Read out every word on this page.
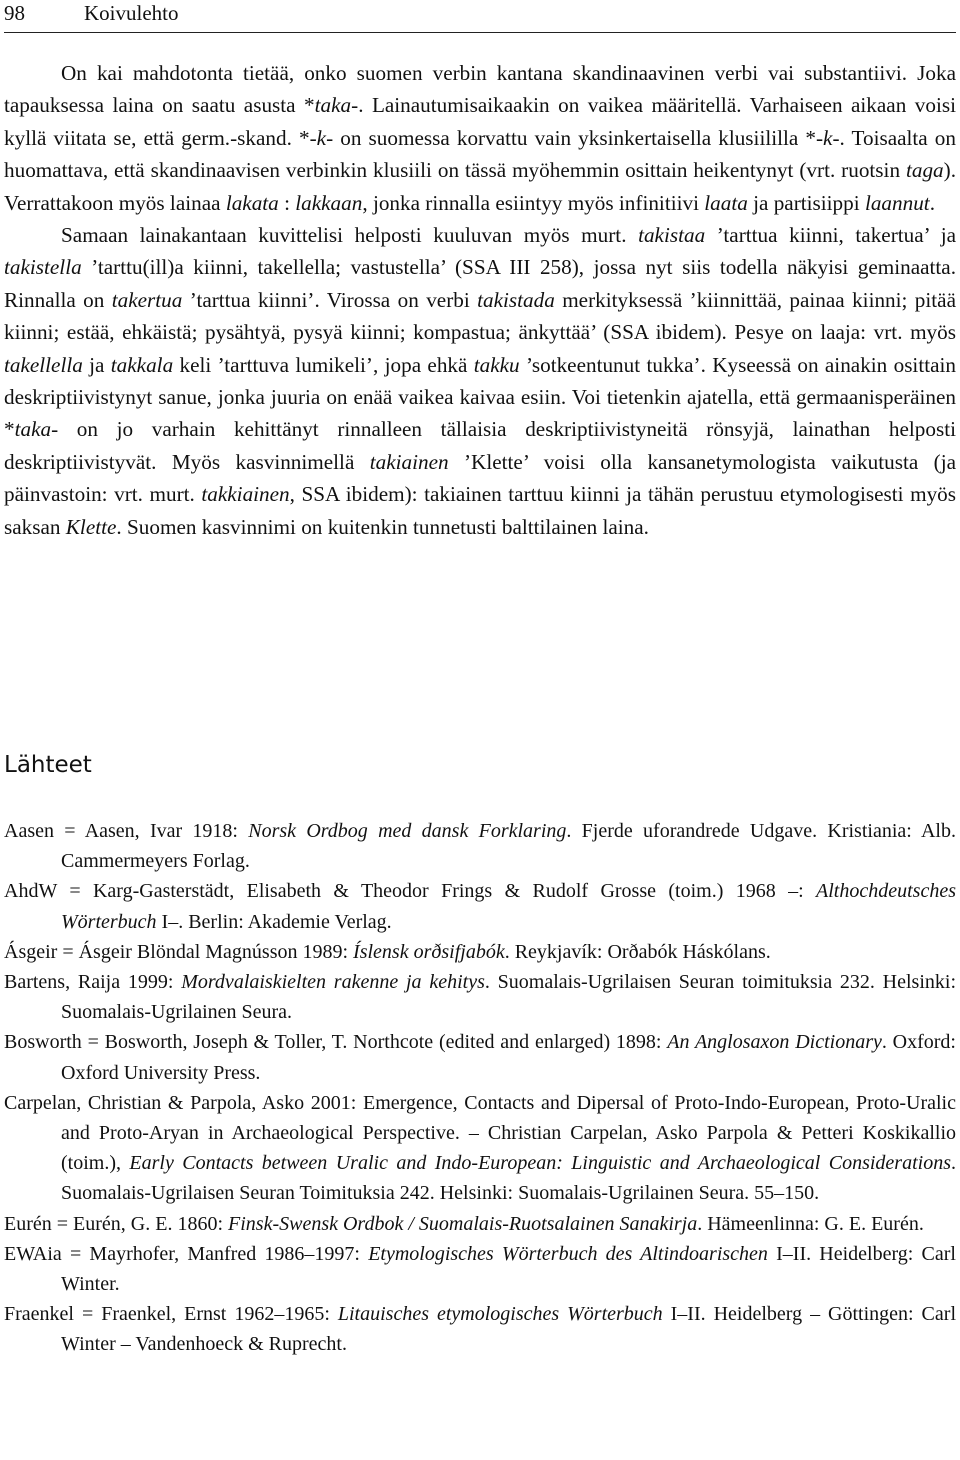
98	Koivulehto

On kai mahdotonta tietää, onko suomen verbin kantana skandinaavinen verbi vai substantiivi. Joka tapauksessa laina on saatu asusta *taka-. Lainautumisaikaakin on vaikea määritellä. Varhaiseen aikaan voisi kyllä viitata se, että germ.-skand. *-k- on suomessa korvattu vain yksinkertaisella klusiililla *-k-. Toisaalta on huomattava, että skandinaavisen verbinkin klusiili on tässä myöhemmin osittain heikentynyt (vrt. ruotsin taga). Verrattakoon myös lainaa lakata : lakkaan, jonka rinnalla esiintyy myös infinitiivi laata ja partisiippi laannut.

Samaan lainakantaan kuvittelisi helposti kuuluvan myös murt. takistaa ’tarttua kiinni, takertua’ ja takistella ’tarttu(ill)a kiinni, takellella; vastustella’ (SSA III 258), jossa nyt siis todella näkyisi geminaatta. Rinnalla on takertua ’tarttua kiinni’. Virossa on verbi takistada merkityksessä ’kiinnittää, painaa kiinni; pitää kiinni; estää, ehkäistä; pysähtyä, pysyä kiinni; kompastua; änkyttää’ (SSA ibidem). Pesye on laaja: vrt. myös takellella ja takkala keli ’tarttuva lumikeli’, jopa ehkä takku ’sotkeentunut tukka’. Kyseessä on ainakin osittain deskriptiivistynyt sanue, jonka juuria on enää vaikea kaivaa esiin. Voi tietenkin ajatella, että germaanisperäinen *taka- on jo varhain kehittänyt rinnalleen tällaisia deskriptiivistyneitä rönsyjä, lainathan helposti deskriptiivistyvät. Myös kasvinnimellä takiainen ’Klette’ voisi olla kansanetymologista vaikutusta (ja päinvastoin: vrt. murt. takkiainen, SSA ibidem): takiainen tarttuu kiinni ja tähän perustuu etymologisesti myös saksan Klette. Suomen kasvinnimi on kuitenkin tunnetusti balttilainen laina.

Lähteet

Aasen = Aasen, Ivar 1918: Norsk Ordbog med dansk Forklaring. Fjerde uforandrede Udgave. Kristiania: Alb. Cammermeyers Forlag.

AhdW = Karg-Gasterstädt, Elisabeth & Theodor Frings & Rudolf Grosse (toim.) 1968 –: Althochdeutsches Wörterbuch I–. Berlin: Akademie Verlag.

Ásgeir = Ásgeir Blöndal Magnússon 1989: Íslensk orðsifjabók. Reykjavík: Orðabók Háskólans.

Bartens, Raija 1999: Mordvalaiskielten rakenne ja kehitys. Suomalais-Ugrilaisen Seuran toimituksia 232. Helsinki: Suomalais-Ugrilainen Seura.

Bosworth = Bosworth, Joseph & Toller, T. Northcote (edited and enlarged) 1898: An Anglosaxon Dictionary. Oxford: Oxford University Press.

Carpelan, Christian & Parpola, Asko 2001: Emergence, Contacts and Dipersal of Proto-Indo-European, Proto-Uralic and Proto-Aryan in Archaeological Perspective. – Christian Carpelan, Asko Parpola & Petteri Koskikallio (toim.), Early Contacts between Uralic and Indo-European: Linguistic and Archaeological Considerations. Suomalais-Ugrilaisen Seuran Toimituksia 242. Helsinki: Suomalais-Ugrilainen Seura. 55–150.

Eurén = Eurén, G. E. 1860: Finsk-Swensk Ordbok / Suomalais-Ruotsalainen Sanakirja. Hämeenlinna: G. E. Eurén.

EWAia = Mayrhofer, Manfred 1986–1997: Etymologisches Wörterbuch des Altindoarischen I–II. Heidelberg: Carl Winter.

Fraenkel = Fraenkel, Ernst 1962–1965: Litauisches etymologisches Wörterbuch I–II. Heidelberg – Göttingen: Carl Winter – Vandenhoeck & Ruprecht.
